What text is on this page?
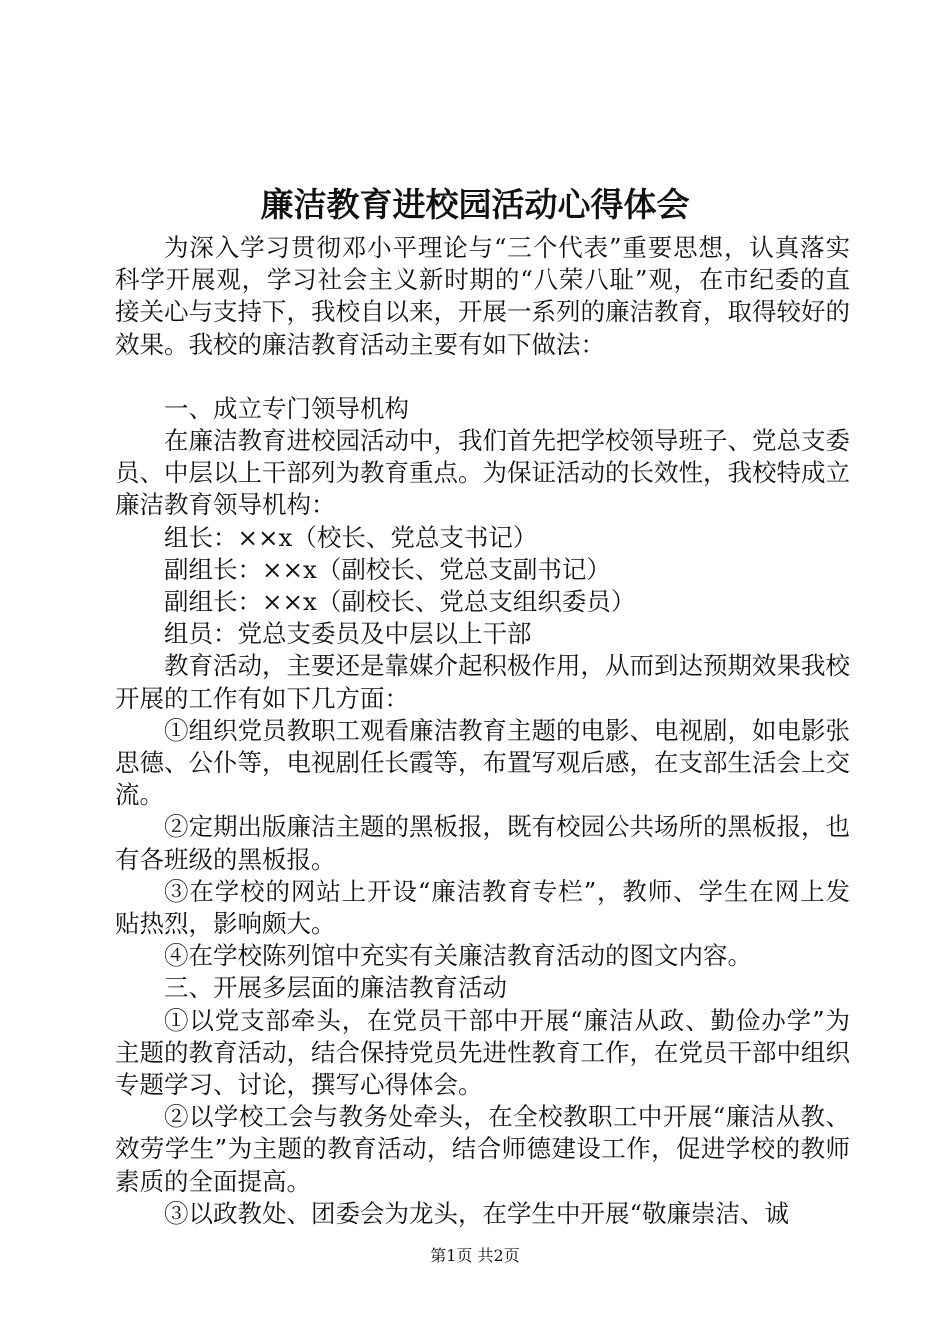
廉洁教育进校园活动心得体会

为深入学习贯彻邓小平理论与“三个代表”重要思想，认真落实科学开展观，学习社会主义新时期的“八荣八耻”观，在市纪委的直接关心与支持下，我校自以来，开展一系列的廉洁教育，取得较好的效果。我校的廉洁教育活动主要有如下做法：

一、成立专门领导机构

在廉洁教育进校园活动中，我们首先把学校领导班子、党总支委员、中层以上干部列为教育重点。为保证活动的长效性，我校特成立廉洁教育领导机构：

组长：××x（校长、党总支书记）

副组长：××x（副校长、党总支副书记）

副组长：××x（副校长、党总支组织委员）

组员：党总支委员及中层以上干部

教育活动，主要还是靠媒介起积极作用，从而到达预期效果我校开展的工作有如下几方面：

①组织党员教职工观看廉洁教育主题的电影、电视剧，如电影张思德、公仆等，电视剧任长霞等，布置写观后感，在支部生活会上交流。

②定期出版廉洁主题的黑板报，既有校园公共场所的黑板报，也有各班级的黑板报。

③在学校的网站上开设“廉洁教育专栏”，教师、学生在网上发贴热烈，影响颇大。

④在学校陈列馆中充实有关廉洁教育活动的图文内容。

三、开展多层面的廉洁教育活动

①以党支部牵头，在党员干部中开展“廉洁从政、勤俭办学”为主题的教育活动，结合保持党员先进性教育工作，在党员干部中组织专题学习、讨论，撰写心得体会。

②以学校工会与教务处牵头，在全校教职工中开展“廉洁从教、效劳学生”为主题的教育活动，结合师德建设工作，促进学校的教师素质的全面提高。

③以政教处、团委会为龙头，在学生中开展“敬廉崇洁、诚

第1页 共2页
